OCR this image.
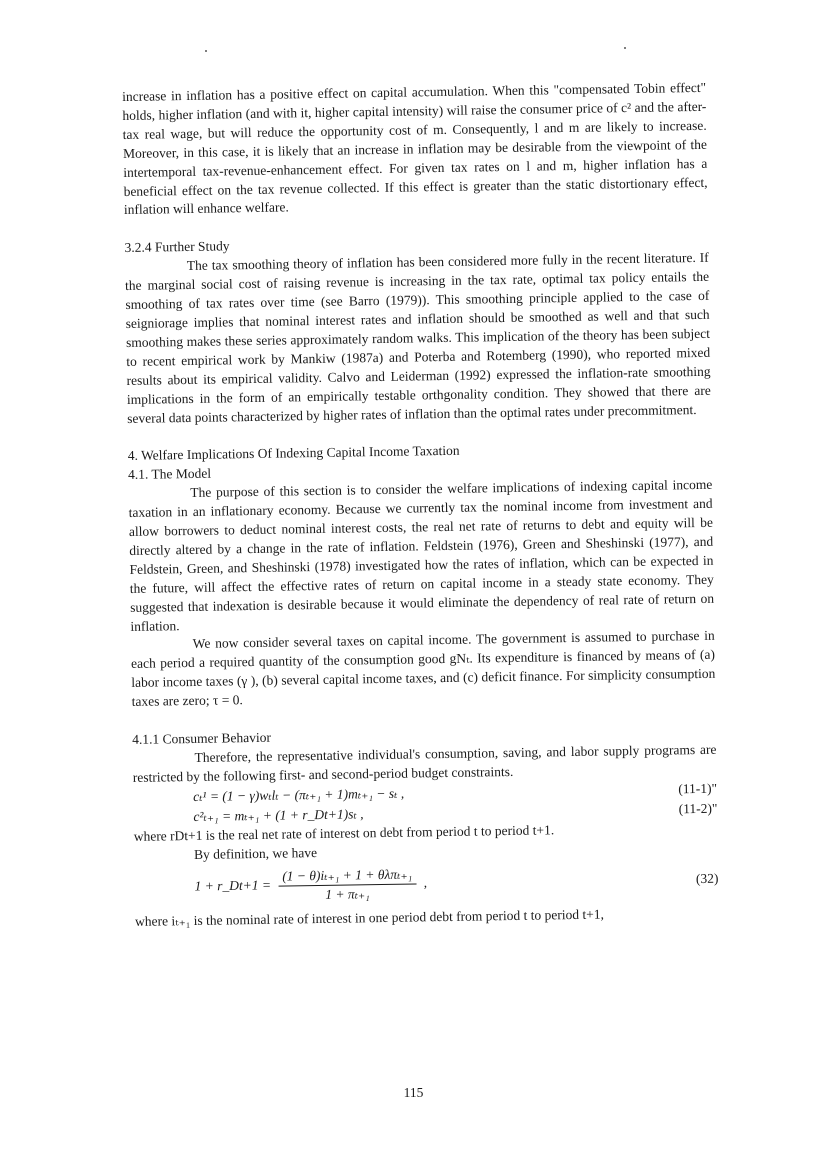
increase in inflation has a positive effect on capital accumulation. When this "compensated Tobin effect" holds, higher inflation (and with it, higher capital intensity) will raise the consumer price of c² and the after-tax real wage, but will reduce the opportunity cost of m. Consequently, l and m are likely to increase. Moreover, in this case, it is likely that an increase in inflation may be desirable from the viewpoint of the intertemporal tax-revenue-enhancement effect. For given tax rates on l and m, higher inflation has a beneficial effect on the tax revenue collected. If this effect is greater than the static distortionary effect, inflation will enhance welfare.

3.2.4 Further Study

The tax smoothing theory of inflation has been considered more fully in the recent literature. If the marginal social cost of raising revenue is increasing in the tax rate, optimal tax policy entails the smoothing of tax rates over time (see Barro (1979)). This smoothing principle applied to the case of seigniorage implies that nominal interest rates and inflation should be smoothed as well and that such smoothing makes these series approximately random walks. This implication of the theory has been subject to recent empirical work by Mankiw (1987a) and Poterba and Rotemberg (1990), who reported mixed results about its empirical validity. Calvo and Leiderman (1992) expressed the inflation-rate smoothing implications in the form of an empirically testable orthgonality condition. They showed that there are several data points characterized by higher rates of inflation than the optimal rates under precommitment.

4. Welfare Implications Of Indexing Capital Income Taxation

4.1. The Model

The purpose of this section is to consider the welfare implications of indexing capital income taxation in an inflationary economy. Because we currently tax the nominal income from investment and allow borrowers to deduct nominal interest costs, the real net rate of returns to debt and equity will be directly altered by a change in the rate of inflation. Feldstein (1976), Green and Sheshinski (1977), and Feldstein, Green, and Sheshinski (1978) investigated how the rates of inflation, which can be expected in the future, will affect the effective rates of return on capital income in a steady state economy. They suggested that indexation is desirable because it would eliminate the dependency of real rate of return on inflation.

We now consider several taxes on capital income. The government is assumed to purchase in each period a required quantity of the consumption good gNₜ. Its expenditure is financed by means of (a) labor income taxes (γ ), (b) several capital income taxes, and (c) deficit finance. For simplicity consumption taxes are zero; τ = 0.

4.1.1 Consumer Behavior

Therefore, the representative individual's consumption, saving, and labor supply programs are restricted by the following first- and second-period budget constraints.

cₜ¹ = (1 − γ)wₜlₜ − (πₜ₊₁ + 1)mₜ₊₁ − sₜ ,	(11-1)"
c²ₜ₊₁ = mₜ₊₁ + (1 + r_Dt+1)sₜ ,	(11-2)"

where rDt+1 is the real net rate of interest on debt from period t to period t+1.

By definition, we have

1 + r_Dt+1 = $\frac{\text{(1 − θ)iₜ₊₁ + 1 + θλπₜ₊₁}}{\text{1 + πₜ₊₁}}$ ,	(32)

where iₜ₊₁ is the nominal rate of interest in one period debt from period t to period t+1,

115
